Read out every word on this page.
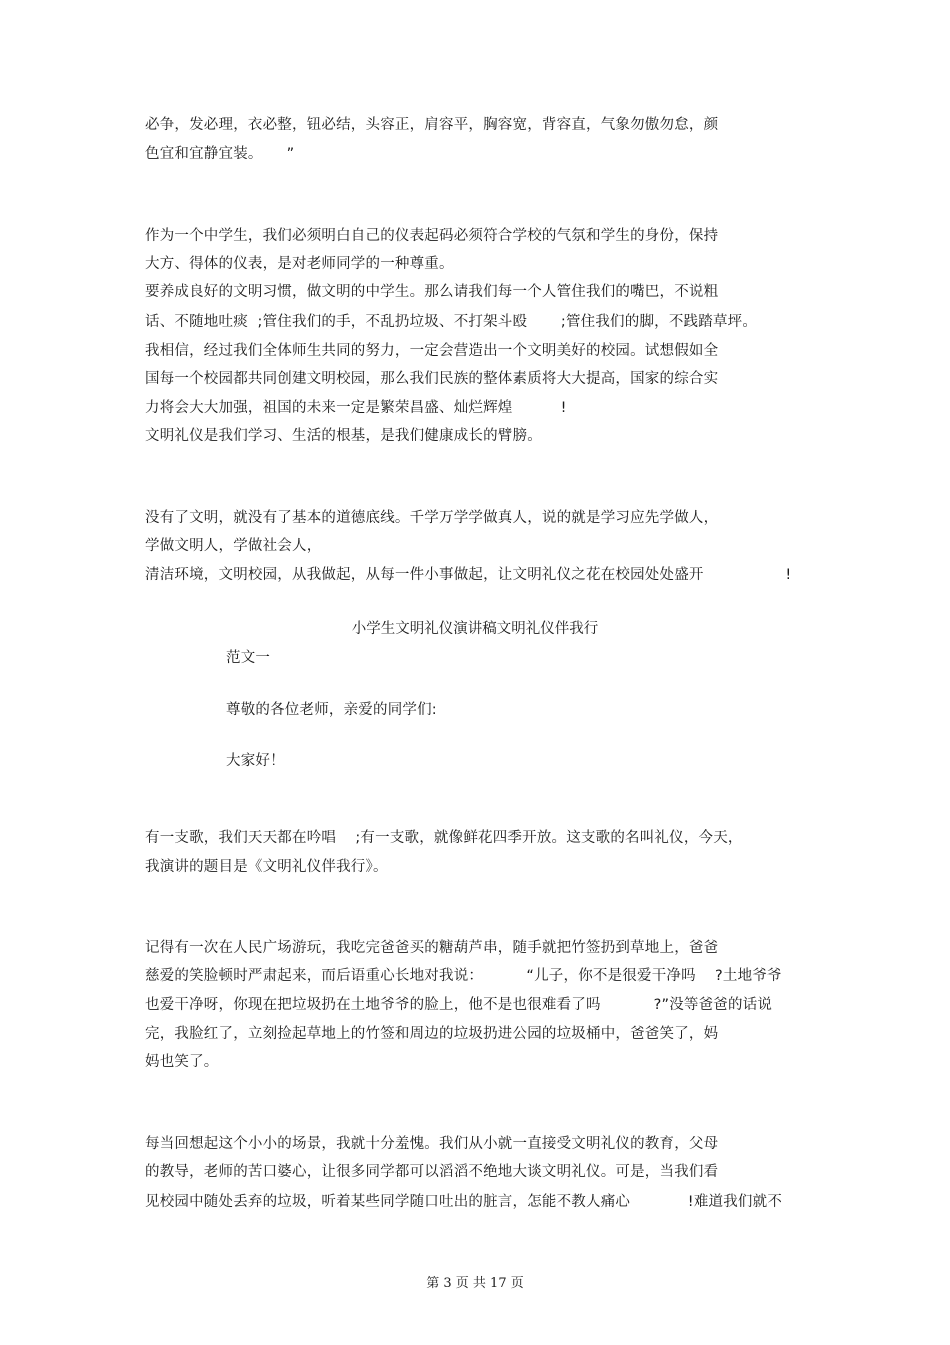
必争，发必理，衣必整，钮必结，头容正，肩容平，胸容宽，背容直，气象勿傲勿怠，颜
色宜和宜静宜装。     ”
作为一个中学生，我们必须明白自己的仪表起码必须符合学校的气氛和学生的身份，保持
大方、得体的仪表，是对老师同学的一种尊重。
要养成良好的文明习惯，做文明的中学生。那么请我们每一个人管住我们的嘴巴，不说粗
话、不随地吐痰  ;管住我们的手，不乱扔垃圾、不打架斗殴       ;管住我们的脚，不践踏草坪。
我相信，经过我们全体师生共同的努力，一定会营造出一个文明美好的校园。试想假如全
国每一个校园都共同创建文明校园，那么我们民族的整体素质将大大提高，国家的综合实
力将会大大加强，祖国的未来一定是繁荣昌盛、灿烂辉煌          !
文明礼仪是我们学习、生活的根基，是我们健康成长的臂膀。
没有了文明，就没有了基本的道德底线。千学万学学做真人，说的就是学习应先学做人，
学做文明人，学做社会人，
清洁环境，文明校园，从我做起，从每一件小事做起，让文明礼仪之花在校园处处盛开                 !
小学生文明礼仪演讲稿文明礼仪伴我行
范文一
尊敬的各位老师，亲爱的同学们:
大家好！
有一支歌，我们天天都在吟唱    ;有一支歌，就像鲜花四季开放。这支歌的名叫礼仪，今天，
我演讲的题目是《文明礼仪伴我行》。
记得有一次在人民广场游玩，我吃完爸爸买的糖葫芦串，随手就把竹签扔到草地上，爸爸
慈爱的笑脸顿时严肃起来，而后语重心长地对我说：         “儿子，你不是很爱干净吗    ?土地爷爷
也爱干净呀，你现在把垃圾扔在土地爷爷的脸上，他不是也很难看了吗           ?”没等爸爸的话说
完，我脸红了，立刻捡起草地上的竹签和周边的垃圾扔进公园的垃圾桶中，爸爸笑了，妈
妈也笑了。
每当回想起这个小小的场景，我就十分羞愧。我们从小就一直接受文明礼仪的教育，父母
的教导，老师的苦口婆心，让很多同学都可以滔滔不绝地大谈文明礼仪。可是，当我们看
见校园中随处丢弃的垃圾，听着某些同学随口吐出的脏言，怎能不教人痛心            !难道我们就不
第 3 页 共 17 页
